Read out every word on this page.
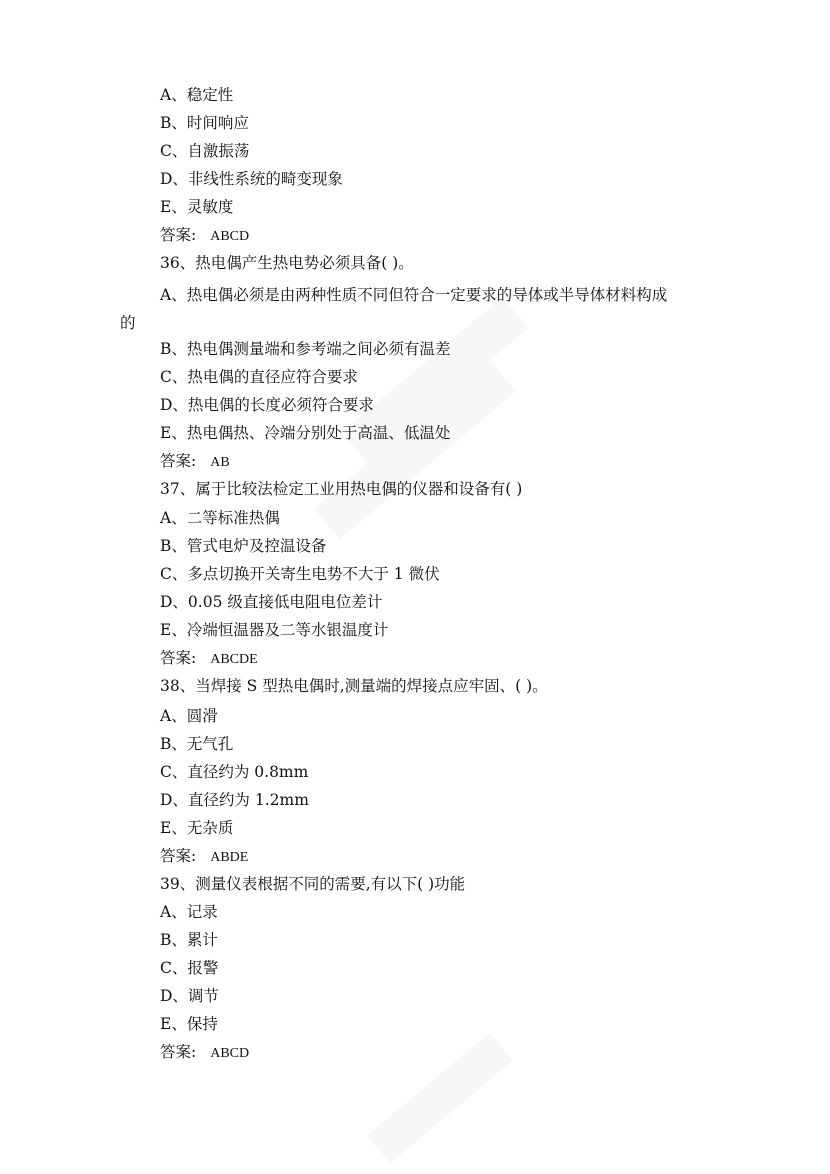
A、稳定性
B、时间响应
C、自激振荡
D、非线性系统的畸变现象
E、灵敏度
答案: ABCD
36、热电偶产生热电势必须具备( )。
A、热电偶必须是由两种性质不同但符合一定要求的导体或半导体材料构成
的
B、热电偶测量端和参考端之间必须有温差
C、热电偶的直径应符合要求
D、热电偶的长度必须符合要求
E、热电偶热、冷端分别处于高温、低温处
答案: AB
37、属于比较法检定工业用热电偶的仪器和设备有( )
A、二等标准热偶
B、管式电炉及控温设备
C、多点切换开关寄生电势不大于 1 微伏
D、0.05 级直接低电阻电位差计
E、冷端恒温器及二等水银温度计
答案: ABCDE
38、当焊接 S 型热电偶时,测量端的焊接点应牢固、( )。
A、圆滑
B、无气孔
C、直径约为 0.8mm
D、直径约为 1.2mm
E、无杂质
答案: ABDE
39、测量仪表根据不同的需要,有以下( )功能
A、记录
B、累计
C、报警
D、调节
E、保持
答案: ABCD
